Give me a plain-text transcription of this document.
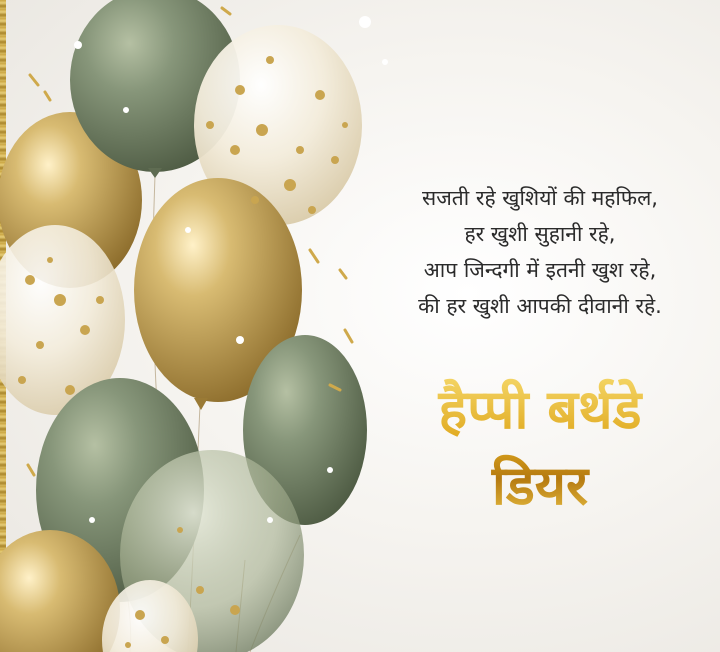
सजती रहे खुशियों की महफिल,
हर खुशी सुहानी रहे,
आप जिन्दगी में इतनी खुश रहे,
की हर खुशी आपकी दीवानी रहे.
हैप्पी बर्थडे
डियर
